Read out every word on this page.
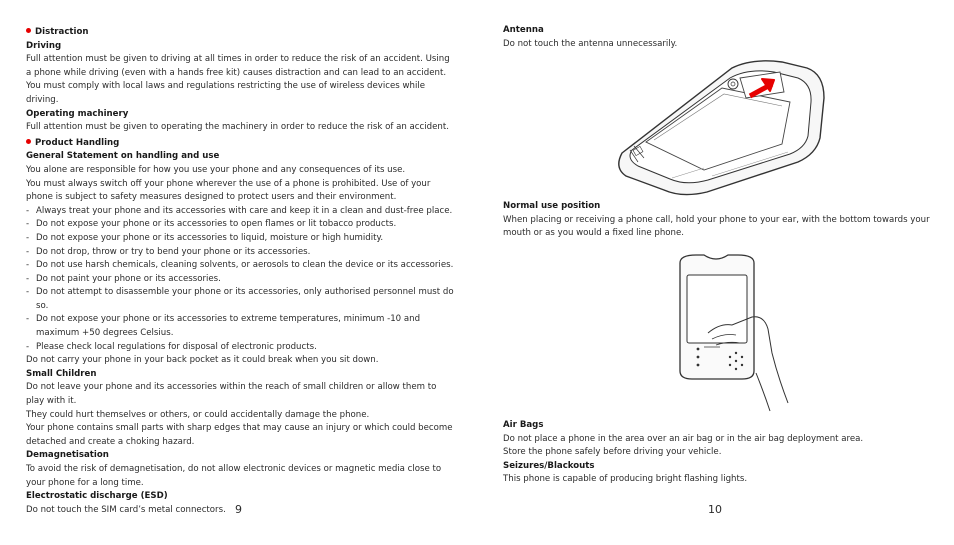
Distraction

Driving

Full attention must be given to driving at all times in order to reduce the risk of an accident. Using a phone while driving (even with a hands free kit) causes distraction and can lead to an accident. You must comply with local laws and regulations restricting the use of wireless devices while driving.

Operating machinery

Full attention must be given to operating the machinery in order to reduce the risk of an accident.

Product Handling

General Statement on handling and use

You alone are responsible for how you use your phone and any consequences of its use.

You must always switch off your phone wherever the use of a phone is prohibited. Use of your phone is subject to safety measures designed to protect users and their environment.

- Always treat your phone and its accessories with care and keep it in a clean and dust-free place.
- Do not expose your phone or its accessories to open flames or lit tobacco products.
- Do not expose your phone or its accessories to liquid, moisture or high humidity.
- Do not drop, throw or try to bend your phone or its accessories.
- Do not use harsh chemicals, cleaning solvents, or aerosols to clean the device or its accessories.
- Do not paint your phone or its accessories.
- Do not attempt to disassemble your phone or its accessories, only authorised personnel must do so.
- Do not expose your phone or its accessories to extreme temperatures, minimum -10 and maximum +50 degrees Celsius.
- Please check local regulations for disposal of electronic products.

Do not carry your phone in your back pocket as it could break when you sit down.

Small Children

Do not leave your phone and its accessories within the reach of small children or allow them to play with it.

They could hurt themselves or others, or could accidentally damage the phone.

Your phone contains small parts with sharp edges that may cause an injury or which could become detached and create a choking hazard.

Demagnetisation

To avoid the risk of demagnetisation, do not allow electronic devices or magnetic media close to your phone for a long time.

Electrostatic discharge (ESD)

Do not touch the SIM card’s metal connectors.

Antenna

Do not touch the antenna unnecessarily.

Normal use position

When placing or receiving a phone call, hold your phone to your ear, with the bottom towards your mouth or as you would a fixed line phone.

Air Bags

Do not place a phone in the area over an air bag or in the air bag deployment area.

Store the phone safely before driving your vehicle.

Seizures/Blackouts

This phone is capable of producing bright flashing lights.

9	10
